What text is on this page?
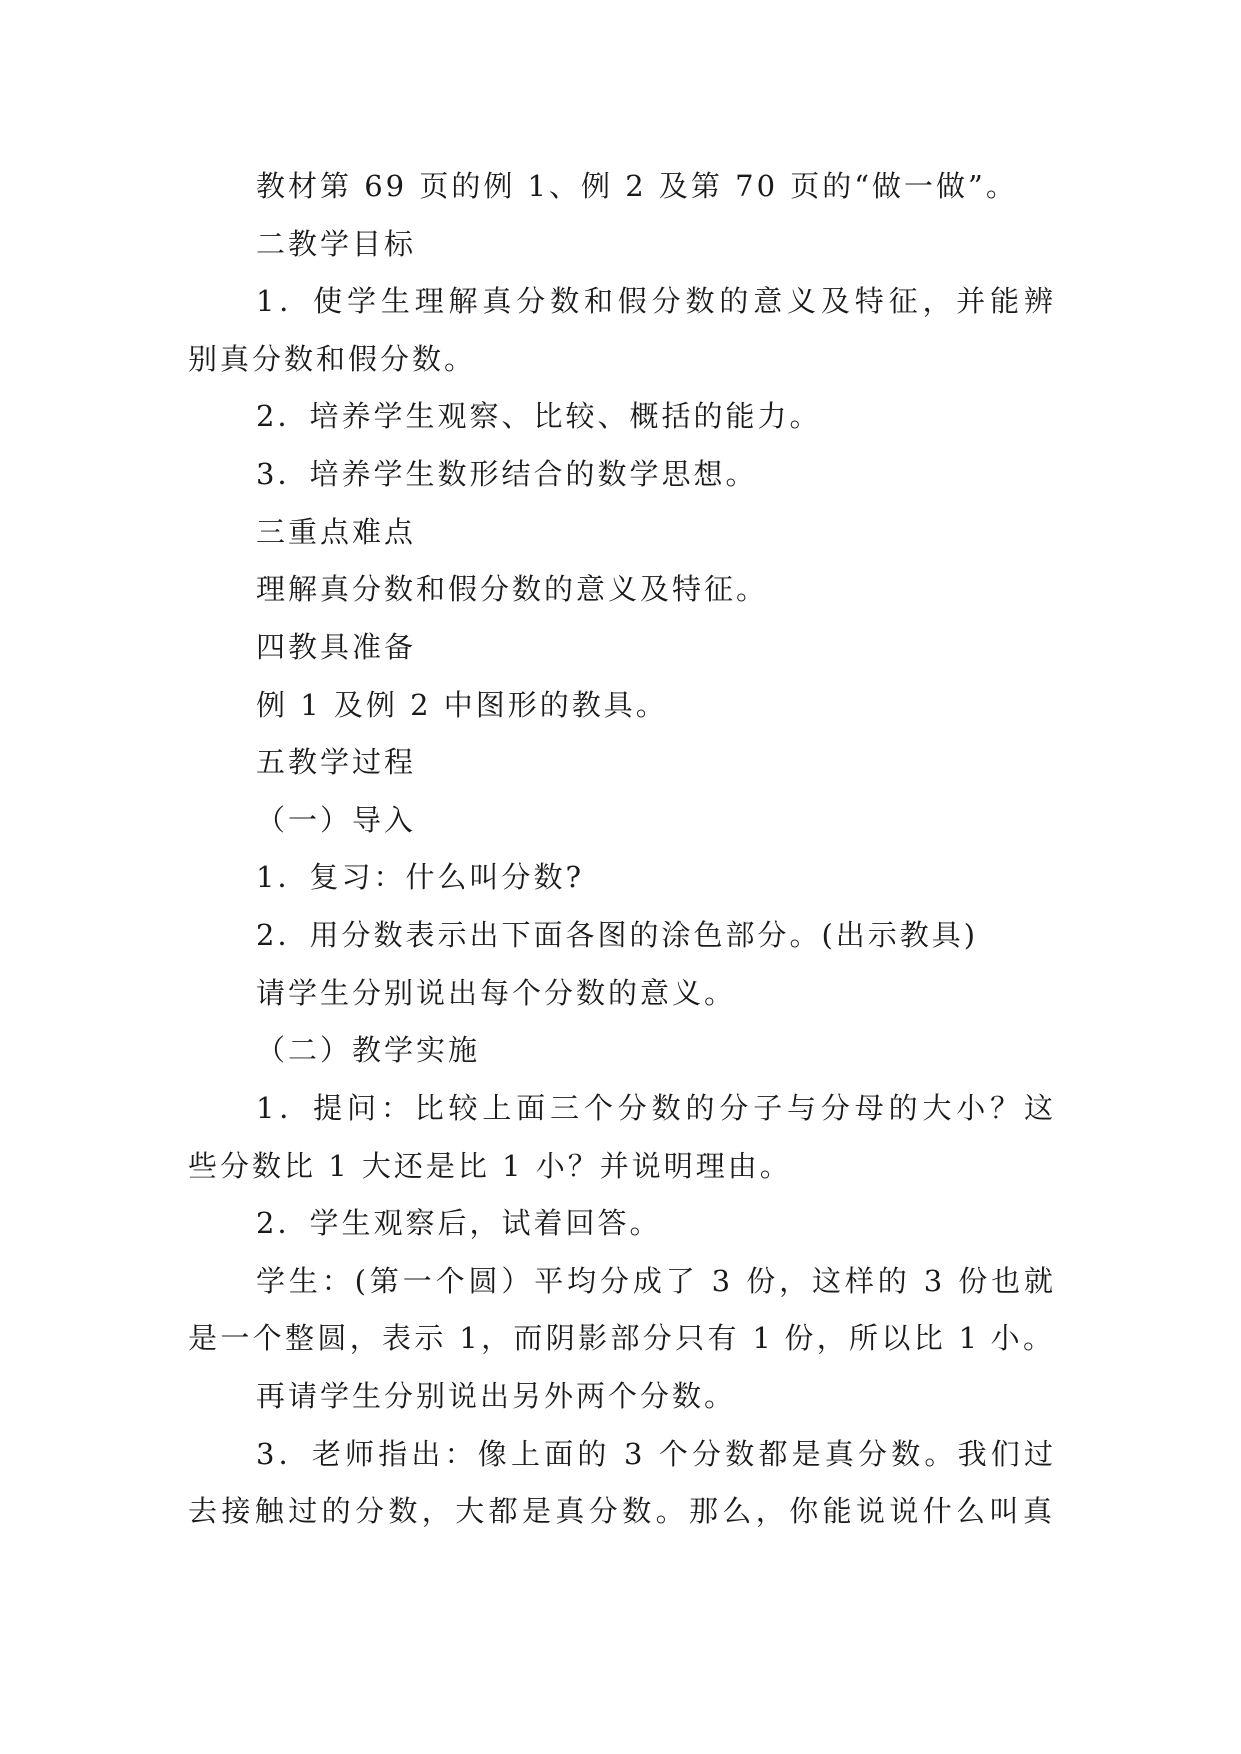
教材第 69 页的例 1、例 2 及第 70 页的“做一做”。
二教学目标
1．使学生理解真分数和假分数的意义及特征，并能辨
别真分数和假分数。
2．培养学生观察、比较、概括的能力。
3．培养学生数形结合的数学思想。
三重点难点
理解真分数和假分数的意义及特征。
四教具准备
例 1 及例 2 中图形的教具。
五教学过程
（一）导入
1．复习：什么叫分数?
2．用分数表示出下面各图的涂色部分。(出示教具)
请学生分别说出每个分数的意义。
（二）教学实施
1．提问：比较上面三个分数的分子与分母的大小？这
些分数比 1 大还是比 1 小？并说明理由。
2．学生观察后，试着回答。
学生：(第一个圆）平均分成了 3 份，这样的 3 份也就
是一个整圆，表示 1，而阴影部分只有 1 份，所以比 1 小。
再请学生分别说出另外两个分数。
3．老师指出：像上面的 3 个分数都是真分数。我们过
去接触过的分数，大都是真分数。那么，你能说说什么叫真
